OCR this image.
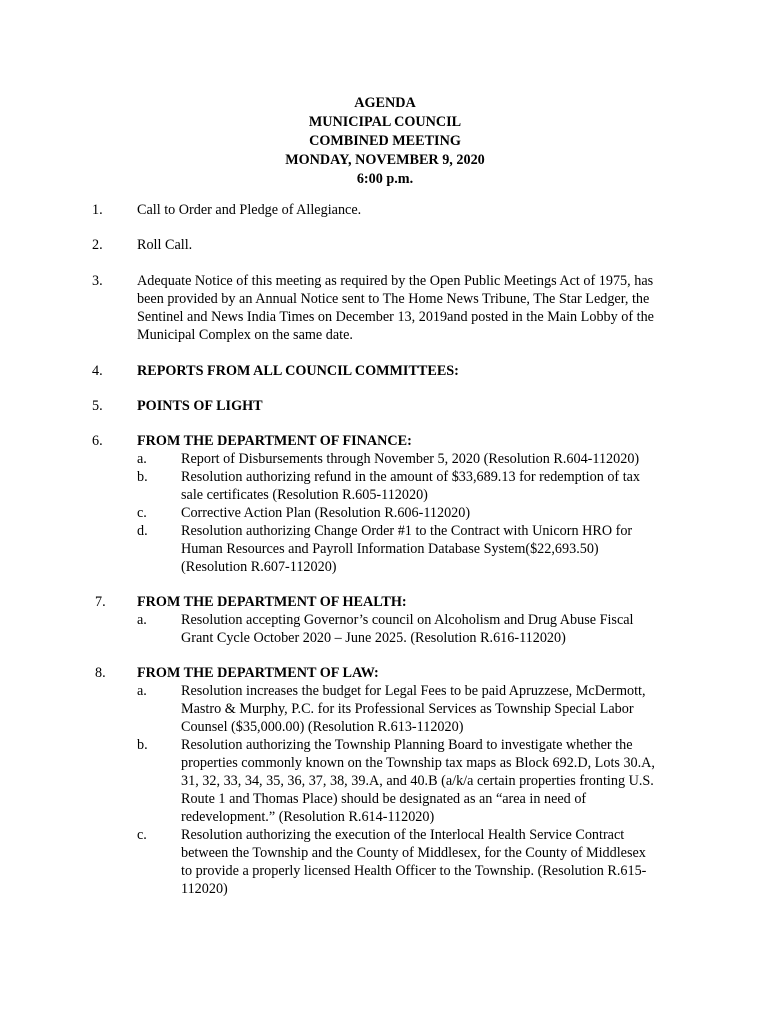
AGENDA
MUNICIPAL COUNCIL
COMBINED MEETING
MONDAY, NOVEMBER 9, 2020
6:00 p.m.
1. Call to Order and Pledge of Allegiance.
2. Roll Call.
3. Adequate Notice of this meeting as required by the Open Public Meetings Act of 1975, has
been provided by an Annual Notice sent to The Home News Tribune, The Star Ledger, the
Sentinel and News India Times on December 13, 2019and posted in the Main Lobby of the
Municipal Complex on the same date.
4. REPORTS FROM ALL COUNCIL COMMITTEES:
5. POINTS OF LIGHT
6. FROM THE DEPARTMENT OF FINANCE:
a. Report of Disbursements through November 5, 2020 (Resolution R.604-112020)
b. Resolution authorizing refund in the amount of $33,689.13 for redemption of tax
sale certificates (Resolution R.605-112020)
c. Corrective Action Plan (Resolution R.606-112020)
d. Resolution authorizing Change Order #1 to the Contract with Unicorn HRO for
Human Resources and Payroll Information Database System($22,693.50)
(Resolution R.607-112020)
7. FROM THE DEPARTMENT OF HEALTH:
a. Resolution accepting Governor’s council on Alcoholism and Drug Abuse Fiscal
Grant Cycle October 2020 – June 2025. (Resolution R.616-112020)
8. FROM THE DEPARTMENT OF LAW:
a. Resolution increases the budget for Legal Fees to be paid Apruzzese, McDermott,
Mastro & Murphy, P.C. for its Professional Services as Township Special Labor
Counsel ($35,000.00) (Resolution R.613-112020)
b. Resolution authorizing the Township Planning Board to investigate whether the
properties commonly known on the Township tax maps as Block 692.D, Lots 30.A,
31, 32, 33, 34, 35, 36, 37, 38, 39.A, and 40.B (a/k/a certain properties fronting U.S.
Route 1 and Thomas Place) should be designated as an “area in need of
redevelopment.” (Resolution R.614-112020)
c. Resolution authorizing the execution of the Interlocal Health Service Contract
between the Township and the County of Middlesex, for the County of Middlesex
to provide a properly licensed Health Officer to the Township. (Resolution R.615-
112020)
